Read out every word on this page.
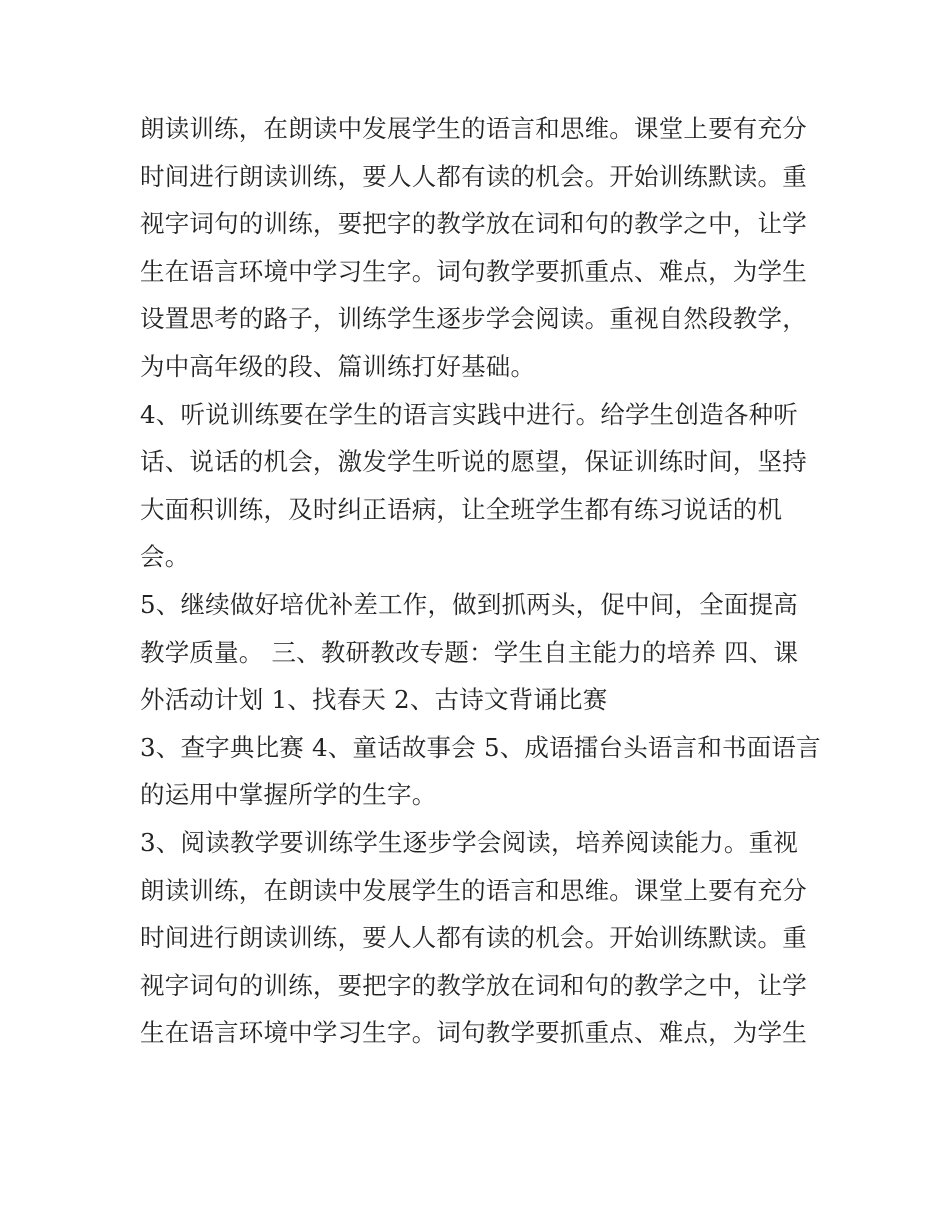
朗读训练，在朗读中发展学生的语言和思维。课堂上要有充分
时间进行朗读训练，要人人都有读的机会。开始训练默读。重
视字词句的训练，要把字的教学放在词和句的教学之中，让学
生在语言环境中学习生字。词句教学要抓重点、难点，为学生
设置思考的路子，训练学生逐步学会阅读。重视自然段教学，
为中高年级的段、篇训练打好基础。
4、听说训练要在学生的语言实践中进行。给学生创造各种听
话、说话的机会，激发学生听说的愿望，保证训练时间，坚持
大面积训练，及时纠正语病，让全班学生都有练习说话的机
会。
5、继续做好培优补差工作，做到抓两头，促中间，全面提高
教学质量。 三、教研教改专题：学生自主能力的培养 四、课
外活动计划 1、找春天 2、古诗文背诵比赛
3、查字典比赛 4、童话故事会 5、成语擂台头语言和书面语言
的运用中掌握所学的生字。
3、阅读教学要训练学生逐步学会阅读，培养阅读能力。重视
朗读训练，在朗读中发展学生的语言和思维。课堂上要有充分
时间进行朗读训练，要人人都有读的机会。开始训练默读。重
视字词句的训练，要把字的教学放在词和句的教学之中，让学
生在语言环境中学习生字。词句教学要抓重点、难点，为学生
